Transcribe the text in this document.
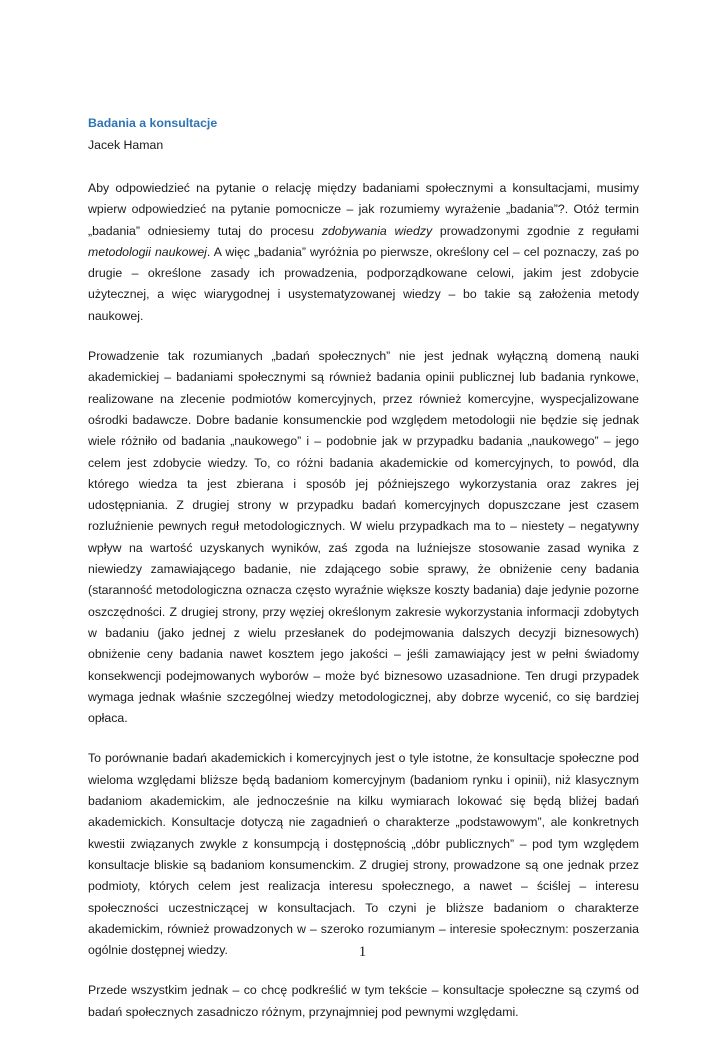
Badania a konsultacje
Jacek Haman

Aby odpowiedzieć na pytanie o relację między badaniami społecznymi a konsultacjami, musimy wpierw odpowiedzieć na pytanie pomocnicze – jak rozumiemy wyrażenie „badania”?. Otóż termin „badania” odniesiemy tutaj do procesu zdobywania wiedzy prowadzonymi zgodnie z regułami metodologii naukowej. A więc „badania” wyróżnia po pierwsze, określony cel – cel poznaczy, zaś po drugie – określone zasady ich prowadzenia, podporządkowane celowi, jakim jest zdobycie użytecznej, a więc wiarygodnej i usystematyzowanej wiedzy – bo takie są założenia metody naukowej.

Prowadzenie tak rozumianych „badań społecznych” nie jest jednak wyłączną domeną nauki akademickiej – badaniami społecznymi są również badania opinii publicznej lub badania rynkowe, realizowane na zlecenie podmiotów komercyjnych, przez również komercyjne, wyspecjalizowane ośrodki badawcze. Dobre badanie konsumenckie pod względem metodologii nie będzie się jednak wiele różniło od badania „naukowego” i – podobnie jak w przypadku badania „naukowego” – jego celem jest zdobycie wiedzy. To, co różni badania akademickie od komercyjnych, to powód, dla którego wiedza ta jest zbierana i sposób jej późniejszego wykorzystania oraz zakres jej udostępniania. Z drugiej strony w przypadku badań komercyjnych dopuszczane jest czasem rozluźnienie pewnych reguł metodologicznych. W wielu przypadkach ma to – niestety – negatywny wpływ na wartość uzyskanych wyników, zaś zgoda na luźniejsze stosowanie zasad wynika z niewiedzy zamawiającego badanie, nie zdającego sobie sprawy, że obniżenie ceny badania (staranność metodologiczna oznacza często wyraźnie większe koszty badania) daje jedynie pozorne oszczędności. Z drugiej strony, przy węziej określonym zakresie wykorzystania informacji zdobytych w badaniu (jako jednej z wielu przesłanek do podejmowania dalszych decyzji biznesowych) obniżenie ceny badania nawet kosztem jego jakości – jeśli zamawiający jest w pełni świadomy konsekwencji podejmowanych wyborów – może być biznesowo uzasadnione. Ten drugi przypadek wymaga jednak właśnie szczególnej wiedzy metodologicznej, aby dobrze wycenić, co się bardziej opłaca.

To porównanie badań akademickich i komercyjnych jest o tyle istotne, że konsultacje społeczne pod wieloma względami bliższe będą badaniom komercyjnym (badaniom rynku i opinii), niż klasycznym badaniom akademickim, ale jednocześnie na kilku wymiarach lokować się będą bliżej badań akademickich. Konsultacje dotyczą nie zagadnień o charakterze „podstawowym”, ale konkretnych kwestii związanych zwykle z konsumpcją i dostępnością „dóbr publicznych” – pod tym względem konsultacje bliskie są badaniom konsumenckim. Z drugiej strony, prowadzone są one jednak przez podmioty, których celem jest realizacja interesu społecznego, a nawet – ściślej – interesu społeczności uczestniczącej w konsultacjach. To czyni je bliższe badaniom o charakterze akademickim, również prowadzonych w – szeroko rozumianym – interesie społecznym: poszerzania ogólnie dostępnej wiedzy.

Przede wszystkim jednak – co chcę podkreślić w tym tekście – konsultacje społeczne są czymś od badań społecznych zasadniczo różnym, przynajmniej pod pewnymi względami.

1
